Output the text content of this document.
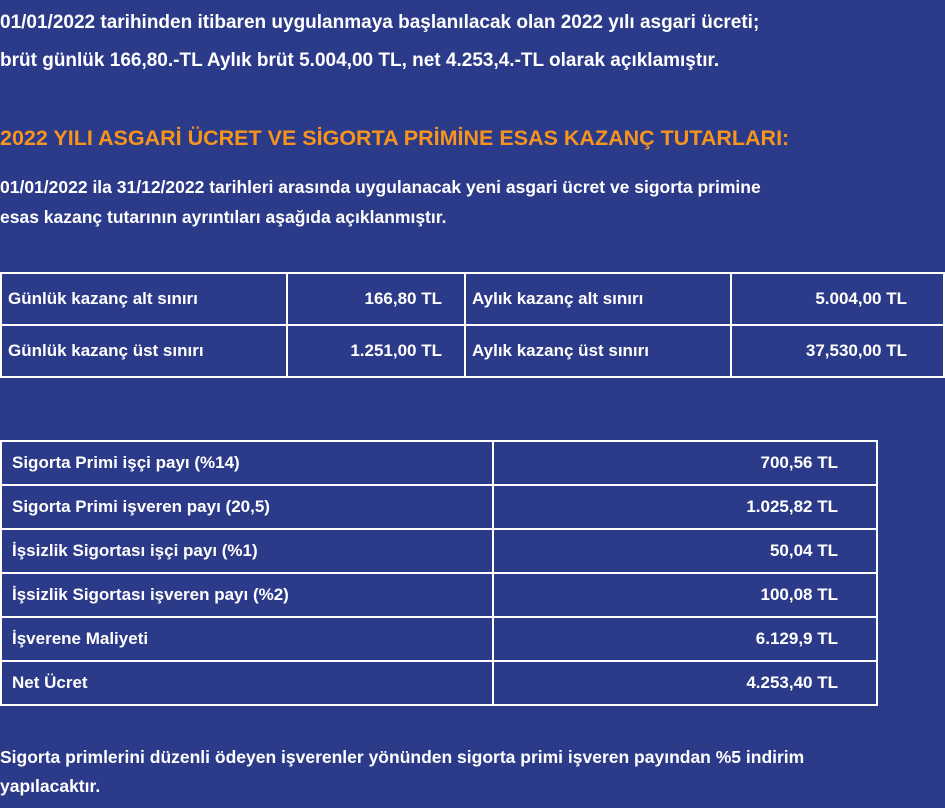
01/01/2022 tarihinden itibaren uygulanmaya başlanılacak olan 2022 yılı asgari ücreti;
brüt günlük 166,80.-TL Aylık brüt 5.004,00 TL, net 4.253,4.-TL olarak açıklamıştır.
2022 YILI ASGARİ ÜCRET VE SİGORTA PRİMİNE ESAS KAZANÇ TUTARLARI:
01/01/2022 ila 31/12/2022 tarihleri arasında uygulanacak yeni asgari ücret ve sigorta primine
esas kazanç tutarının ayrıntıları aşağıda açıklanmıştır.
Günlük kazanç alt sınırı	166,80 TL	Aylık kazanç alt sınırı	5.004,00 TL
Günlük kazanç üst sınırı	1.251,00 TL	Aylık kazanç üst sınırı	37,530,00 TL
Sigorta Primi işçi payı (%14)	700,56 TL
Sigorta Primi işveren payı (20,5)	1.025,82 TL
İşsizlik Sigortası işçi payı (%1)	50,04 TL
İşsizlik Sigortası işveren payı (%2)	100,08 TL
İşverene Maliyeti	6.129,9 TL
Net Ücret	4.253,40 TL
Sigorta primlerini düzenli ödeyen işverenler yönünden sigorta primi işveren payından %5 indirim
yapılacaktır.
